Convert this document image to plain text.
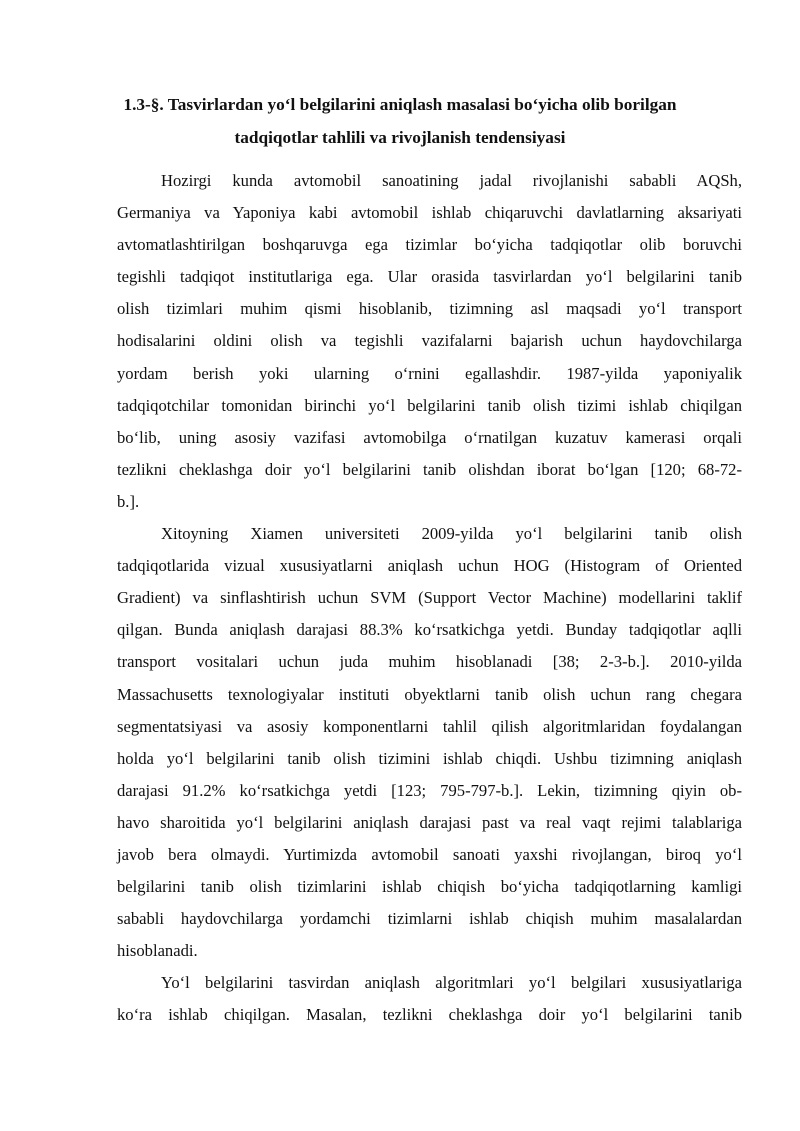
1.3-§. Tasvirlardan yo‘l belgilarini aniqlash masalasi bo‘yicha olib borilgan
tadqiqotlar tahlili va rivojlanish tendensiyasi
Hozirgi kunda avtomobil sanoatining jadal rivojlanishi sababli AQSh,
Germaniya va Yaponiya kabi avtomobil ishlab chiqaruvchi davlatlarning aksariyati
avtomatlashtirilgan boshqaruvga ega tizimlar bo‘yicha tadqiqotlar olib boruvchi
tegishli tadqiqot institutlariga ega. Ular orasida tasvirlardan yo‘l belgilarini tanib
olish tizimlari muhim qismi hisoblanib, tizimning asl maqsadi yo‘l transport
hodisalarini oldini olish va tegishli vazifalarni bajarish uchun haydovchilarga
yordam berish yoki ularning o‘rnini egallashdir. 1987-yilda yaponiyalik
tadqiqotchilar tomonidan birinchi yo‘l belgilarini tanib olish tizimi ishlab chiqilgan
bo‘lib, uning asosiy vazifasi avtomobilga o‘rnatilgan kuzatuv kamerasi orqali
tezlikni cheklashga doir yo‘l belgilarini tanib olishdan iborat bo‘lgan [120; 68-72-
b.].
Xitoyning Xiamen universiteti 2009-yilda yo‘l belgilarini tanib olish
tadqiqotlarida vizual xususiyatlarni aniqlash uchun HOG (Histogram of Oriented
Gradient) va sinflashtirish uchun SVM (Support Vector Machine) modellarini taklif
qilgan. Bunda aniqlash darajasi 88.3% ko‘rsatkichga yetdi. Bunday tadqiqotlar aqlli
transport vositalari uchun juda muhim hisoblanadi [38; 2-3-b.]. 2010-yilda
Massachusetts texnologiyalar instituti obyektlarni tanib olish uchun rang chegara
segmentatsiyasi va asosiy komponentlarni tahlil qilish algoritmlaridan foydalangan
holda yo‘l belgilarini tanib olish tizimini ishlab chiqdi. Ushbu tizimning aniqlash
darajasi 91.2% ko‘rsatkichga yetdi [123; 795-797-b.]. Lekin, tizimning qiyin ob-
havo sharoitida yo‘l belgilarini aniqlash darajasi past va real vaqt rejimi talablariga
javob bera olmaydi. Yurtimizda avtomobil sanoati yaxshi rivojlangan, biroq yo‘l
belgilarini tanib olish tizimlarini ishlab chiqish bo‘yicha tadqiqotlarning kamligi
sababli haydovchilarga yordamchi tizimlarni ishlab chiqish muhim masalalardan
hisoblanadi.
Yo‘l belgilarini tasvirdan aniqlash algoritmlari yo‘l belgilari xususiyatlariga
ko‘ra ishlab chiqilgan. Masalan, tezlikni cheklashga doir yo‘l belgilarini tanib
